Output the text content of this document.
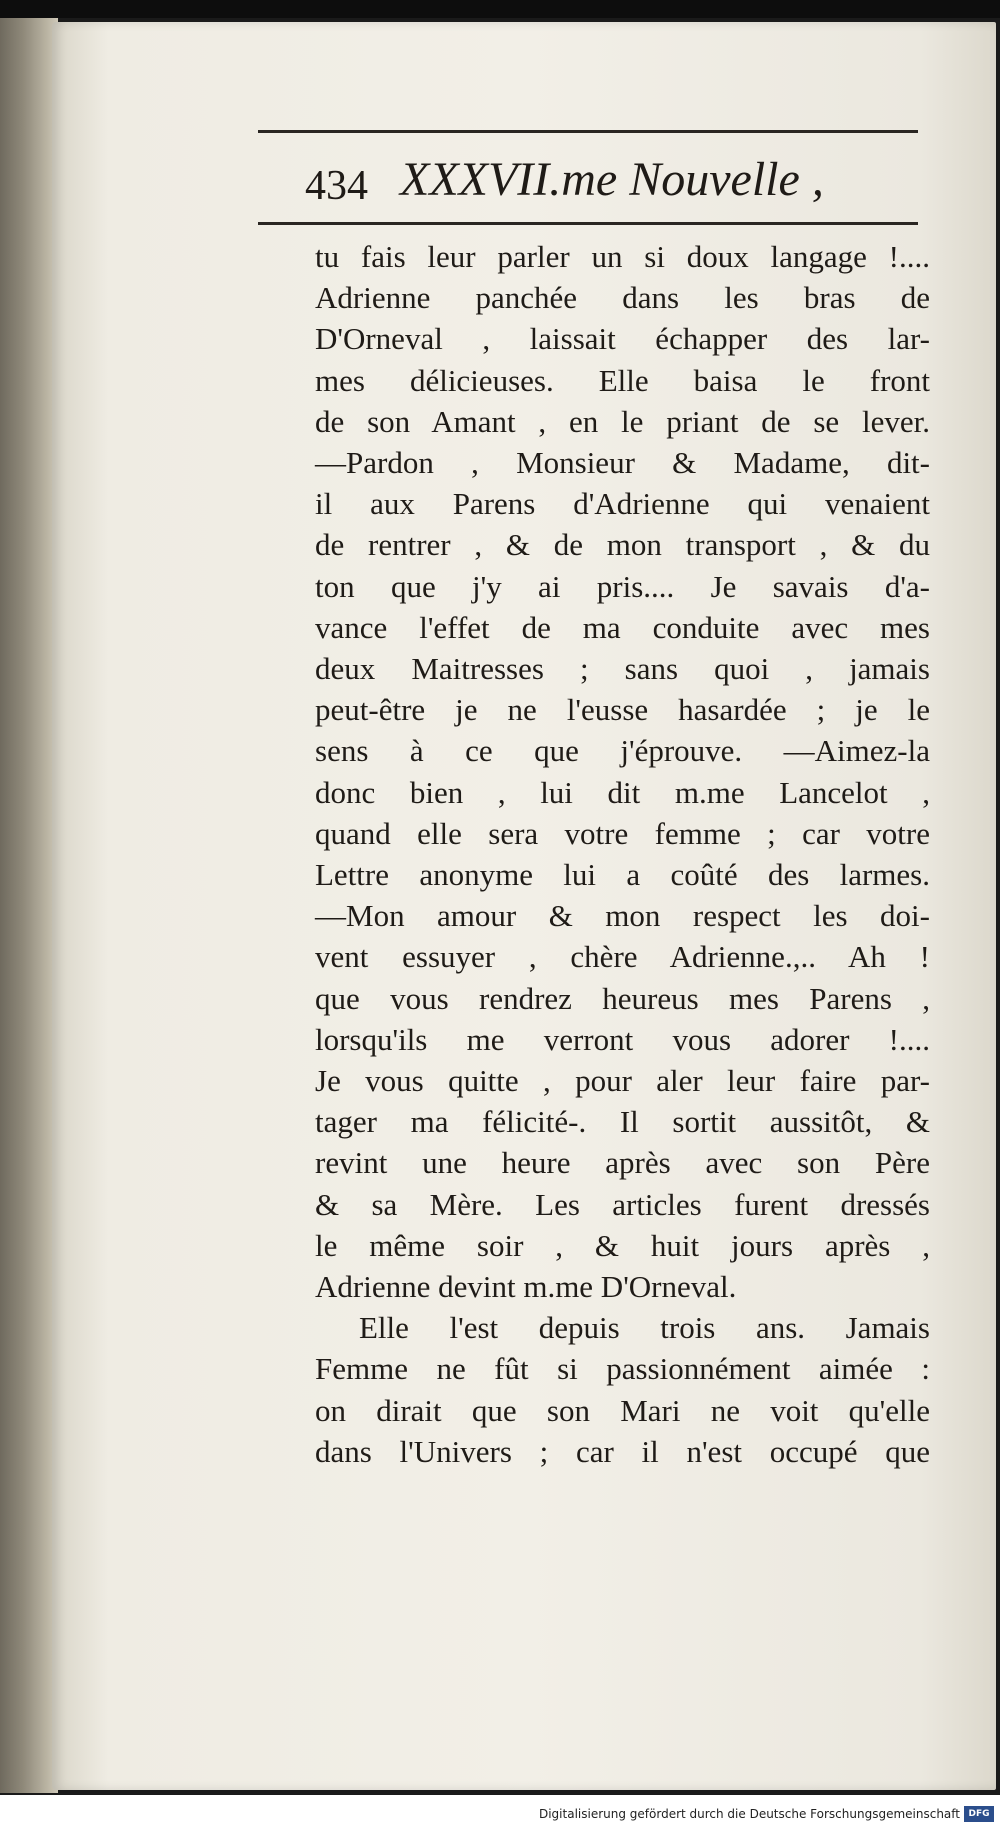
434 XXXVII.me Nouvelle ,
tu fais leur parler un si doux langage !....
Adrienne panchée dans les bras de
D'Orneval , laissait échapper des lar-
mes délicieuses. Elle baisa le front
de son Amant , en le priant de se lever.
—Pardon , Monsieur & Madame, dit-
il aux Parens d'Adrienne qui venaient
de rentrer , & de mon transport , & du
ton que j'y ai pris.... Je savais d'a-
vance l'effet de ma conduite avec mes
deux Maitresses ; sans quoi , jamais
peut-être je ne l'eusse hasardée ; je le
sens à ce que j'éprouve. —Aimez-la
donc bien , lui dit m.me Lancelot ,
quand elle sera votre femme ; car votre
Lettre anonyme lui a coûté des larmes.
—Mon amour & mon respect les doi-
vent essuyer , chère Adrienne.,.. Ah !
que vous rendrez heureus mes Parens ,
lorsqu'ils me verront vous adorer !....
Je vous quitte , pour aler leur faire par-
tager ma félicité-. Il sortit aussitôt, &
revint une heure après avec son Père
& sa Mère. Les articles furent dressés
le même soir , & huit jours après ,
Adrienne devint m.me D'Orneval.
Elle l'est depuis trois ans. Jamais
Femme ne fût si passionnément aimée :
on dirait que son Mari ne voit qu'elle
dans l'Univers ; car il n'est occupé que
Digitalisierung gefördert durch die Deutsche Forschungsgemeinschaft DFG
